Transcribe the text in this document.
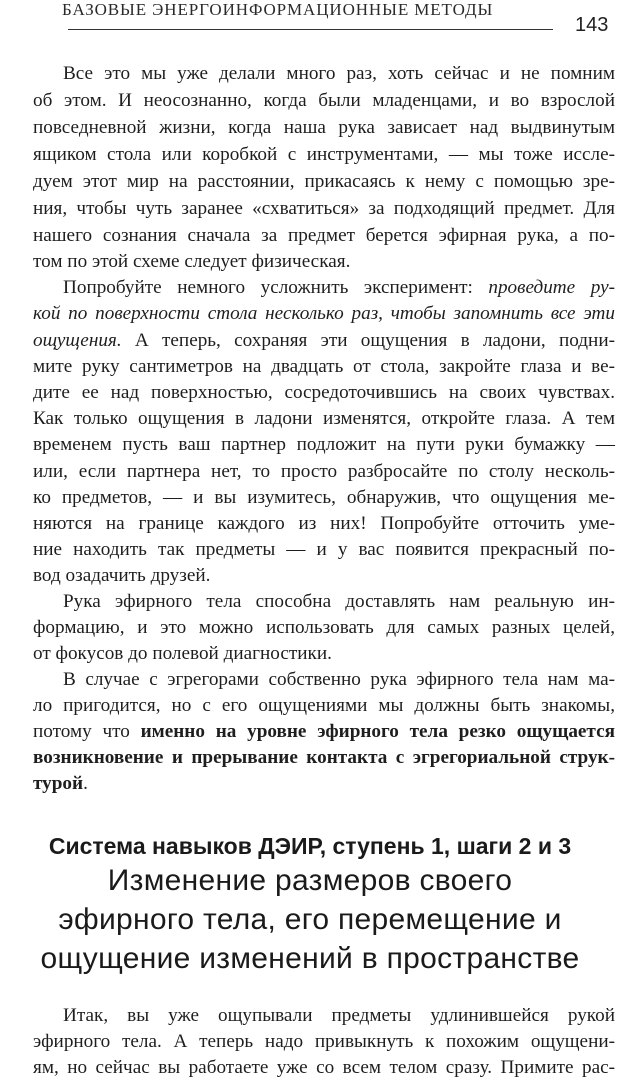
БАЗОВЫЕ ЭНЕРГОИНФОРМАЦИОННЫЕ МЕТОДЫ
143
Все это мы уже делали много раз, хоть сейчас и не помним
об этом. И неосознанно, когда были младенцами, и во взрослой
повседневной жизни, когда наша рука зависает над выдвинутым
ящиком стола или коробкой с инструментами, — мы тоже иссле-
дуем этот мир на расстоянии, прикасаясь к нему с помощью зре-
ния, чтобы чуть заранее «схватиться» за подходящий предмет. Для
нашего сознания сначала за предмет берется эфирная рука, а по-
том по этой схеме следует физическая.
Попробуйте немного усложнить эксперимент: проведите ру-
кой по поверхности стола несколько раз, чтобы запомнить все эти
ощущения. А теперь, сохраняя эти ощущения в ладони, подни-
мите руку сантиметров на двадцать от стола, закройте глаза и ве-
дите ее над поверхностью, сосредоточившись на своих чувствах.
Как только ощущения в ладони изменятся, откройте глаза. А тем
временем пусть ваш партнер подложит на пути руки бумажку —
или, если партнера нет, то просто разбросайте по столу несколь-
ко предметов, — и вы изумитесь, обнаружив, что ощущения ме-
няются на границе каждого из них! Попробуйте отточить уме-
ние находить так предметы — и у вас появится прекрасный по-
вод озадачить друзей.
Рука эфирного тела способна доставлять нам реальную ин-
формацию, и это можно использовать для самых разных целей,
от фокусов до полевой диагностики.
В случае с эгрегорами собственно рука эфирного тела нам ма-
ло пригодится, но с его ощущениями мы должны быть знакомы,
потому что именно на уровне эфирного тела резко ощущается
возникновение и прерывание контакта с эгрегориальной струк-
турой.
Итак, вы уже ощупывали предметы удлинившейся рукой
эфирного тела. А теперь надо привыкнуть к похожим ощущени-
ям, но сейчас вы работаете уже со всем телом сразу. Примите рас-
Система навыков ДЭИР, ступень 1, шаги 2 и 3
Изменение размеров своего
эфирного тела, его перемещение и
ощущение изменений в пространстве
